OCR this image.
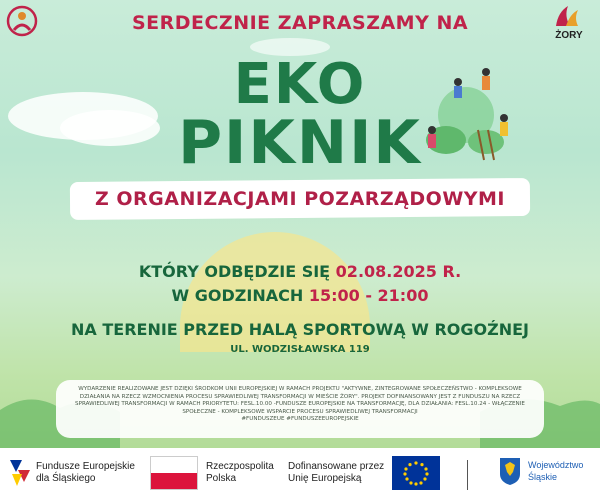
ŻORY
SERDECZNIE ZAPRASZAMY NA
EKO
PIKNIK
Z ORGANIZACJAMI POZARZĄDOWYMI
KTÓRY ODBĘDZIE SIĘ 02.08.2025 R.
W GODZINACH 15:00 - 21:00
NA TERENIE PRZED HALĄ SPORTOWĄ W ROGOŹNEJ
UL. WODZISŁAWSKA 119
WYDARZENIE REALIZOWANE JEST DZIĘKI ŚRODKOM UNII EUROPEJSKIEJ W RAMACH PROJEKTU "AKTYWNE, ZINTEGROWANE SPOŁECZEŃSTWO - KOMPLEKSOWE DZIAŁANIA NA RZECZ WZMOCNIENIA PROCESU SPRAWIEDLIWEJ TRANSFORMACJI W MIEŚCIE ŻORY". PROJEKT DOFINANSOWANY JEST Z FUNDUSZU NA RZECZ SPRAWIEDLIWEJ TRANSFORMACJI W RAMACH PRIORYTETU: FESL.10.00 -FUNDUSZE EUROPEJSKIE NA TRANSFORMACJĘ, DLA DZIAŁANIA: FESL.10.24 - WŁĄCZENIE SPOŁECZNE - KOMPLEKSOWE WSPARCIE PROCESU SPRAWIEDLIWEJ TRANSFORMACJI
#FUNDUSZEUE #FUNDUSZEEUROPEJSKIE
Fundusze Europejskie
dla Śląskiego
Rzeczpospolita
Polska
Dofinansowane przez
Unię Europejską
Województwo
Śląskie
